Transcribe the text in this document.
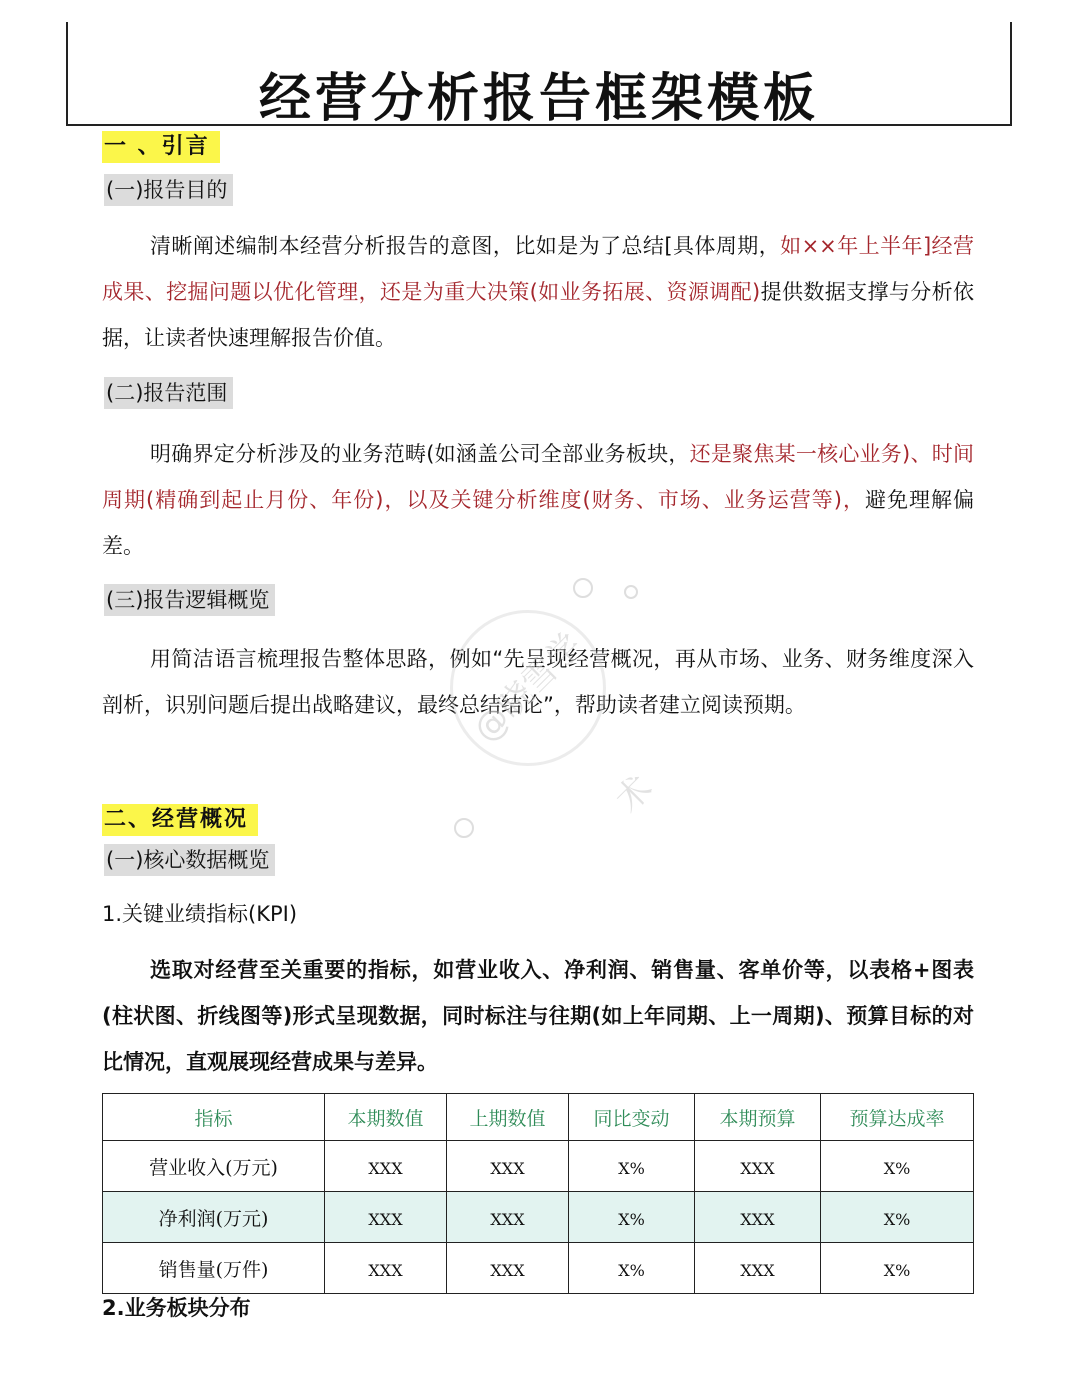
经营分析报告框架模板
一 、引言
(一)报告目的

清晰阐述编制本经营分析报告的意图，比如是为了总结[具体周期，如××年上半年]经营成果、挖掘问题以优化管理，还是为重大决策(如业务拓展、资源调配)提供数据支撑与分析依据，让读者快速理解报告价值。

(二)报告范围

明确界定分析涉及的业务范畴(如涵盖公司全部业务板块，还是聚焦某一核心业务)、时间周期(精确到起止月份、年份)，以及关键分析维度(财务、市场、业务运营等)，避免理解偏差。

(三)报告逻辑概览

用简洁语言梳理报告整体思路，例如“先呈现经营概况，再从市场、业务、财务维度深入剖析，识别问题后提出战略建议，最终总结结论”，帮助读者建立阅读预期。

二、经营概况
(一)核心数据概览
1.关键业绩指标(KPI)

选取对经营至关重要的指标，如营业收入、净利润、销售量、客单价等，以表格+图表(柱状图、折线图等)形式呈现数据，同时标注与往期(如上年同期、上一周期)、预算目标的对比情况，直观展现经营成果与差异。

指标	本期数值	上期数值	同比变动	本期预算	预算达成率
营业收入(万元)	XXX	XXX	X%	XXX	X%
净利润(万元)	XXX	XXX	X%	XXX	X%
销售量(万件)	XXX	XXX	X%	XXX	X%
2.业务板块分布
@晓雪学术
